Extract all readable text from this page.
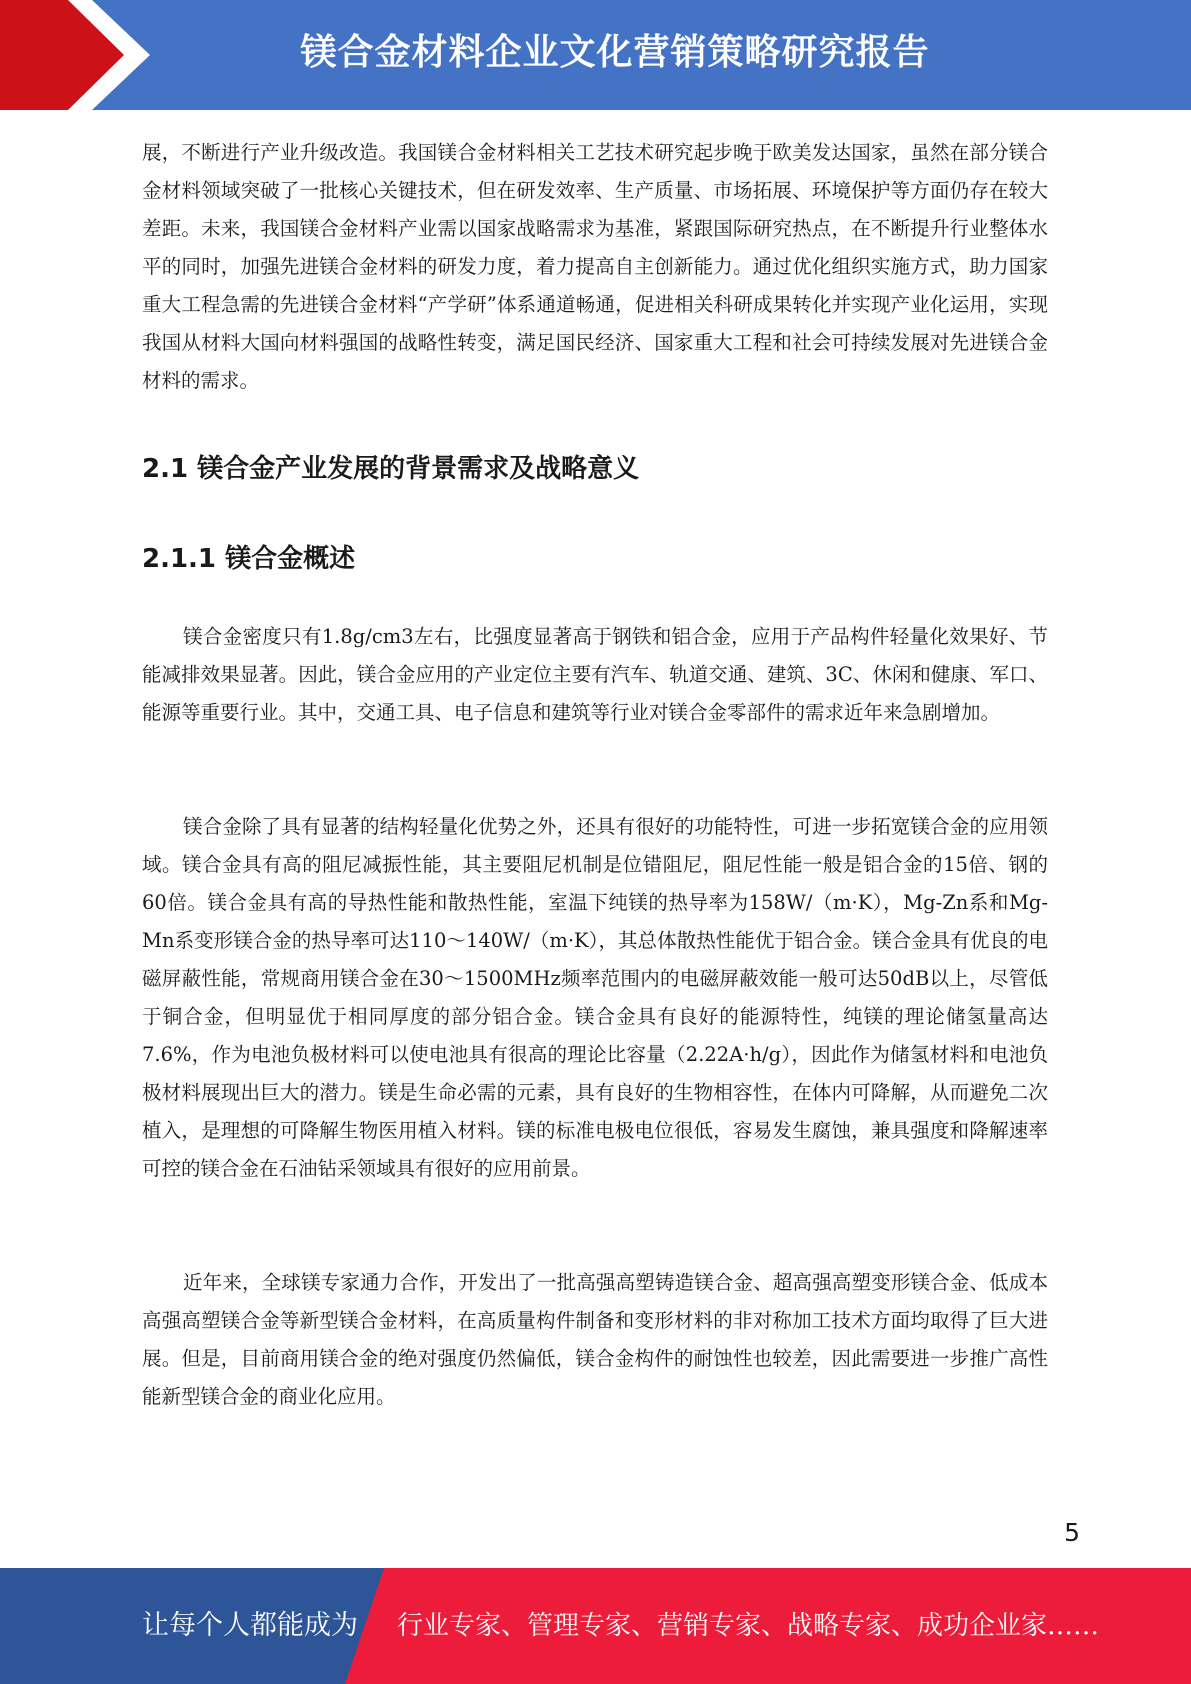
镁合金材料企业文化营销策略研究报告

展，不断进行产业升级改造。我国镁合金材料相关工艺技术研究起步晚于欧美发达国家，虽然在部分镁合金材料领域突破了一批核心关键技术，但在研发效率、生产质量、市场拓展、环境保护等方面仍存在较大差距。未来，我国镁合金材料产业需以国家战略需求为基准，紧跟国际研究热点，在不断提升行业整体水平的同时，加强先进镁合金材料的研发力度，着力提高自主创新能力。通过优化组织实施方式，助力国家重大工程急需的先进镁合金材料“产学研”体系通道畅通，促进相关科研成果转化并实现产业化运用，实现我国从材料大国向材料强国的战略性转变，满足国民经济、国家重大工程和社会可持续发展对先进镁合金材料的需求。

2.1 镁合金产业发展的背景需求及战略意义
2.1.1 镁合金概述

镁合金密度只有1.8g/cm3左右，比强度显著高于钢铁和铝合金，应用于产品构件轻量化效果好、节能减排效果显著。因此，镁合金应用的产业定位主要有汽车、轨道交通、建筑、3C、休闲和健康、军口、能源等重要行业。其中，交通工具、电子信息和建筑等行业对镁合金零部件的需求近年来急剧增加。

镁合金除了具有显著的结构轻量化优势之外，还具有很好的功能特性，可进一步拓宽镁合金的应用领域。镁合金具有高的阻尼减振性能，其主要阻尼机制是位错阻尼，阻尼性能一般是铝合金的15倍、钢的60倍。镁合金具有高的导热性能和散热性能，室温下纯镁的热导率为158W/（m·K），Mg-Zn系和Mg-Mn系变形镁合金的热导率可达110～140W/（m·K），其总体散热性能优于铝合金。镁合金具有优良的电磁屏蔽性能，常规商用镁合金在30～1500MHz频率范围内的电磁屏蔽效能一般可达50dB以上，尽管低于铜合金，但明显优于相同厚度的部分铝合金。镁合金具有良好的能源特性，纯镁的理论储氢量高达7.6%，作为电池负极材料可以使电池具有很高的理论比容量（2.22A·h/g），因此作为储氢材料和电池负极材料展现出巨大的潜力。镁是生命必需的元素，具有良好的生物相容性，在体内可降解，从而避免二次植入，是理想的可降解生物医用植入材料。镁的标准电极电位很低，容易发生腐蚀，兼具强度和降解速率可控的镁合金在石油钻采领域具有很好的应用前景。

近年来，全球镁专家通力合作，开发出了一批高强高塑铸造镁合金、超高强高塑变形镁合金、低成本高强高塑镁合金等新型镁合金材料，在高质量构件制备和变形材料的非对称加工技术方面均取得了巨大进展。但是，目前商用镁合金的绝对强度仍然偏低，镁合金构件的耐蚀性也较差，因此需要进一步推广高性能新型镁合金的商业化应用。

5
让每个人都能成为 行业专家、管理专家、营销专家、战略专家、成功企业家……
